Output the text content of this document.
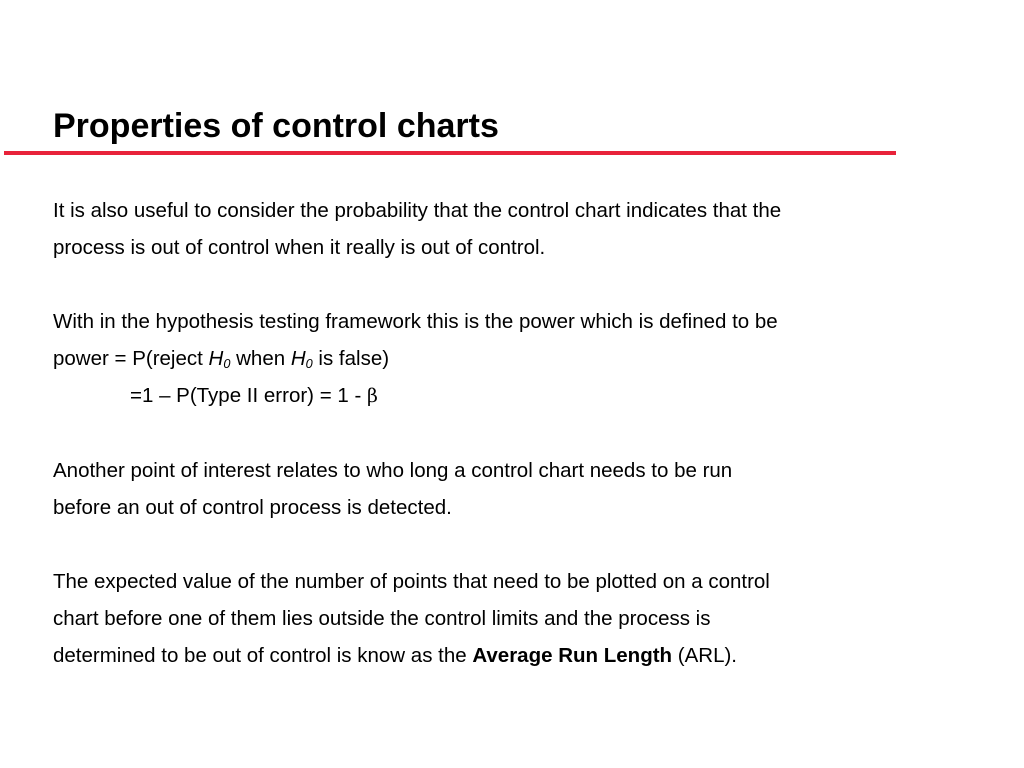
Properties of control charts

It is also useful to consider the probability that the control chart indicates that the
process is out of control when it really is out of control.

With in the hypothesis testing framework this is the power which is defined to be
power = P(reject $H_0$ when $H_0$ is false)
=1 – P(Type II error) = 1 - β

Another point of interest relates to who long a control chart needs to be run
before an out of control process is detected.

The expected value of the number of points that need to be plotted on a control
chart before one of them lies outside the control limits and the process is
determined to be out of control is know as the Average Run Length (ARL).
